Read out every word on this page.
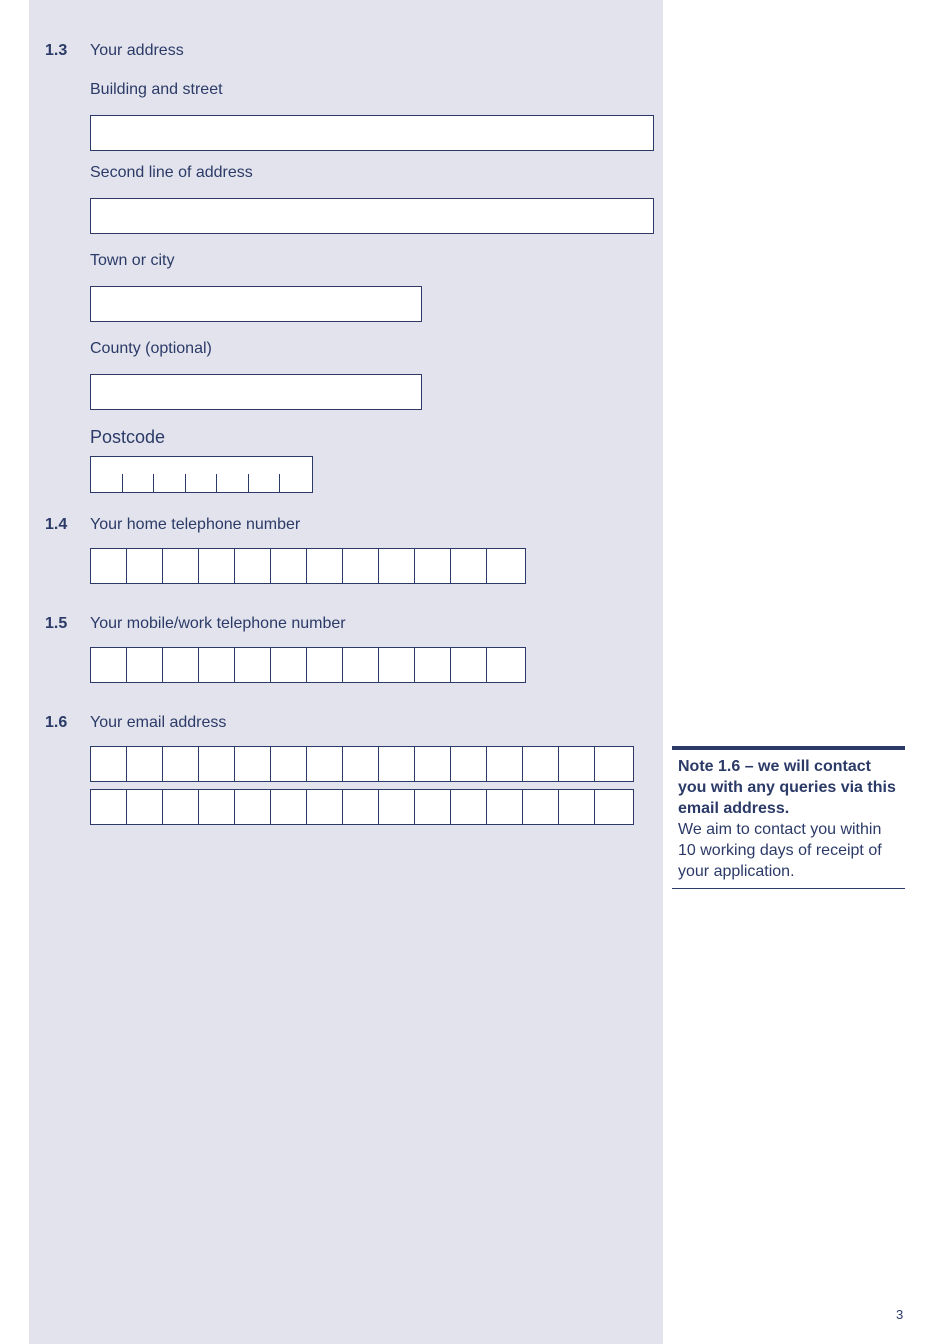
1.3 Your address
Building and street
Second line of address
Town or city
County (optional)
Postcode
1.4 Your home telephone number
1.5 Your mobile/work telephone number
1.6 Your email address
Note 1.6 – we will contact you with any queries via this email address.
We aim to contact you within 10 working days of receipt of your application.
3
